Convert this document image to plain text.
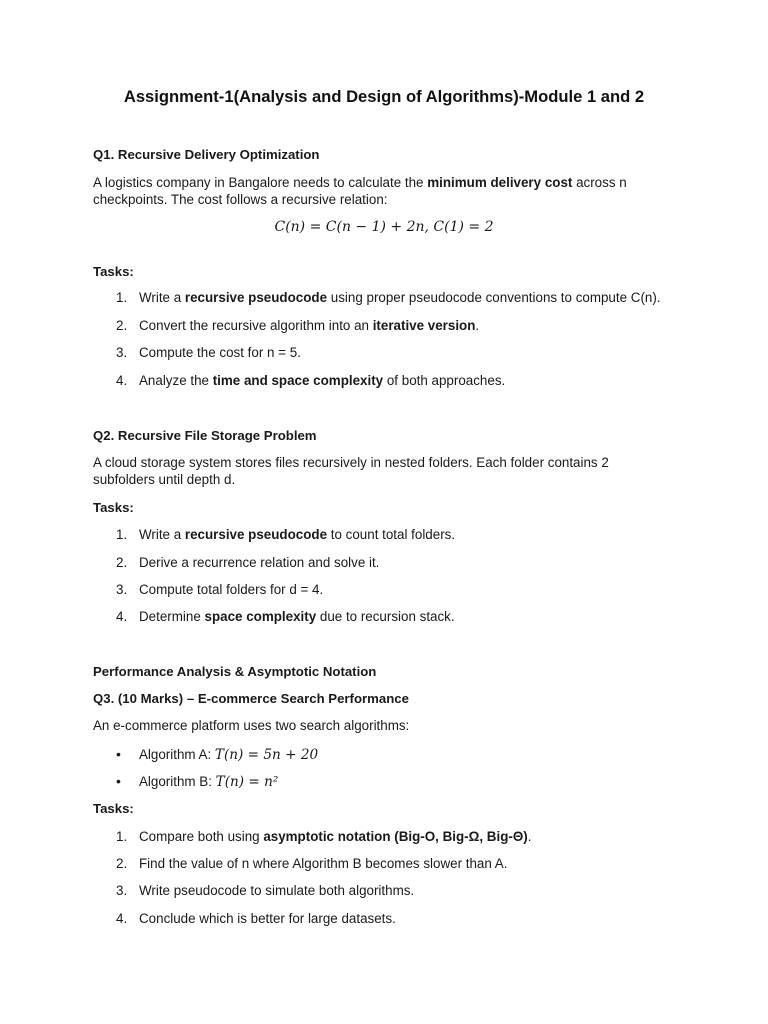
Assignment-1(Analysis and Design of Algorithms)-Module 1 and 2
Q1. Recursive Delivery Optimization
A logistics company in Bangalore needs to calculate the minimum delivery cost across n
checkpoints. The cost follows a recursive relation:
C(n) = C(n − 1) + 2n, C(1) = 2
Tasks:
1. Write a recursive pseudocode using proper pseudocode conventions to compute C(n).
2. Convert the recursive algorithm into an iterative version.
3. Compute the cost for n = 5.
4. Analyze the time and space complexity of both approaches.
Q2. Recursive File Storage Problem
A cloud storage system stores files recursively in nested folders. Each folder contains 2
subfolders until depth d.
Tasks:
1. Write a recursive pseudocode to count total folders.
2. Derive a recurrence relation and solve it.
3. Compute total folders for d = 4.
4. Determine space complexity due to recursion stack.
Performance Analysis & Asymptotic Notation
Q3. (10 Marks) – E-commerce Search Performance
An e-commerce platform uses two search algorithms:
• Algorithm A: T(n) = 5n + 20
• Algorithm B: T(n) = n²
Tasks:
1. Compare both using asymptotic notation (Big-O, Big-Ω, Big-Θ).
2. Find the value of n where Algorithm B becomes slower than A.
3. Write pseudocode to simulate both algorithms.
4. Conclude which is better for large datasets.
